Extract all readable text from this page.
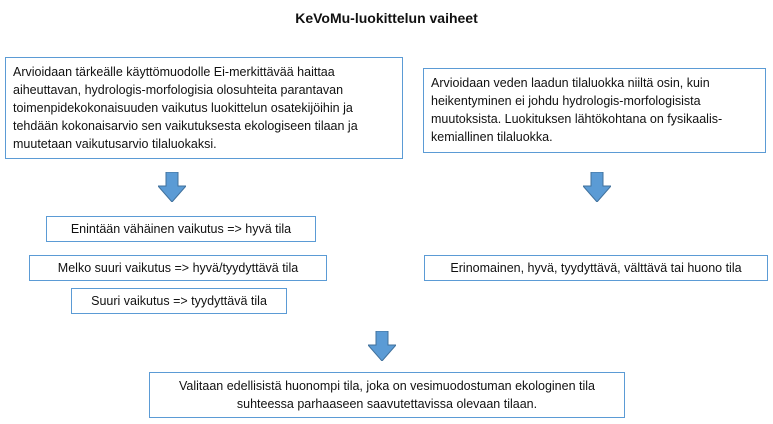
KeVoMu-luokittelun vaiheet
Arvioidaan tärkeälle käyttömuodolle Ei-merkittävää haittaa aiheuttavan, hydrologis-morfologisia olosuhteita parantavan toimenpidekokonaisuuden vaikutus luokittelun osatekijöihin ja tehdään kokonaisarvio sen vaikutuksesta ekologiseen tilaan ja muutetaan vaikutusarvio tilaluokaksi.
Enintään vähäinen vaikutus => hyvä tila
Melko suuri vaikutus => hyvä/tyydyttävä tila
Suuri vaikutus => tyydyttävä tila
Arvioidaan veden laadun tilaluokka niiltä osin, kuin heikentyminen ei johdu hydrologis-morfologisista muutoksista. Luokituksen lähtökohtana on fysikaalis-kemiallinen tilaluokka.
Erinomainen, hyvä, tyydyttävä, välttävä tai huono tila
Valitaan edellisistä huonompi tila, joka on vesimuodostuman ekologinen tila suhteessa parhaaseen saavutettavissa olevaan tilaan.
